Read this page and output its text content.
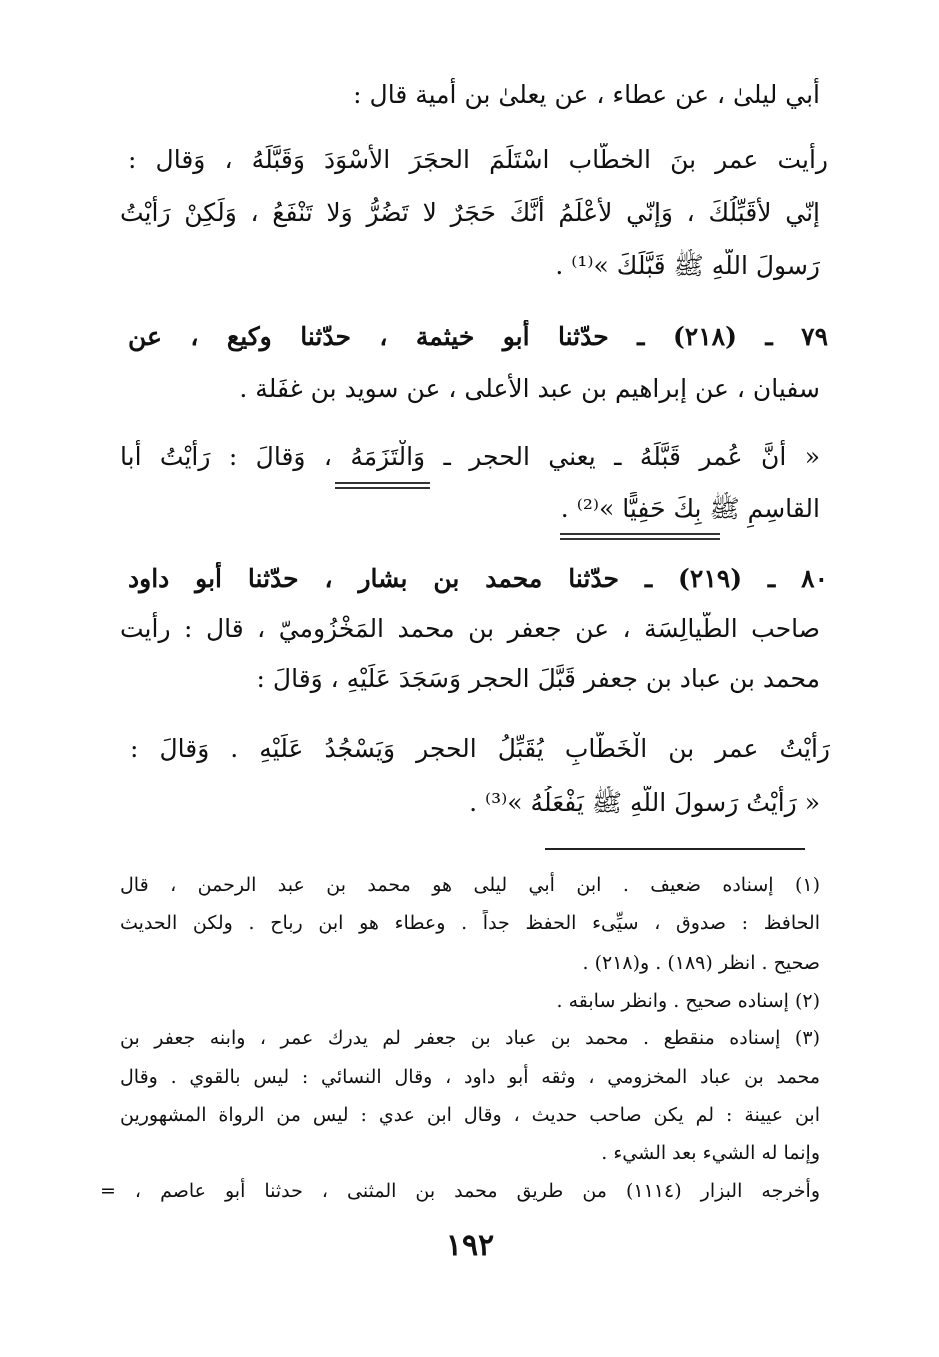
أبي ليلىٰ ، عن عطاء ، عن يعلىٰ بن أمية قال :
رأيت عمر بنَ الخطَّاب اسْتَلَمَ الحجَرَ الأَسْوَدَ وَقَبَّلَهُ ، وَقال :
إنّي لأُقَبِّلُكَ ، وَإنّي لأَعْلَمُ أَنَّكَ حَجَرٌ لا تَضُرُّ وَلا تَنْفَعُ ، وَلَكِنْ رَأَيْتُ
رَسولَ اللَّهِ ﷺ قَبَّلَكَ »⁽¹⁾ .
٧٩ ـ (٢١٨) ـ حدّثنا أبو خيثمة ، حدّثنا وكيع ، عن
سفيان ، عن إبراهيم بن عبد الأعلى ، عن سويد بن غفَلة .
« أَنَّ عُمر قَبَّلَهُ ـ يعني الحجر ـ وَالْتَزَمَهُ ، وَقالَ : رَأَيْتُ أَبا
القاسِمِ ﷺ بِكَ حَفِيًّا »⁽²⁾ .
٨٠ ـ (٢١٩) ـ حدّثنا محمد بن بشار ، حدّثنا أبو داود
صاحب الطَّيالِسَة ، عن جعفر بن محمد المَخْزُوميّ ، قال : رأيت
محمد بن عباد بن جعفر قَبَّلَ الحجر وَسَجَدَ عَلَيْهِ ، وَقالَ :
رَأَيْتُ عمر بن الْخَطَّابِ يُقَبِّلُ الحجر وَيَسْجُدُ عَلَيْهِ . وَقالَ :
« رَأَيْتُ رَسولَ اللَّهِ ﷺ يَفْعَلُهُ »⁽³⁾ .
(١) إسناده ضعيف . ابن أبي ليلى هو محمد بن عبد الرحمن ، قال
الحافظ : صدوق ، سيِّىء الحفظ جداً . وعطاء هو ابن رباح . ولكن الحديث
صحيح . انظر (١٨٩) . و(٢١٨) .
(٢) إسناده صحيح . وانظر سابقه .
(٣) إسناده منقطع . محمد بن عباد بن جعفر لم يدرك عمر ، وابنه جعفر بن
محمد بن عباد المخزومي ، وثقه أبو داود ، وقال النسائي : ليس بالقوي . وقال
ابن عيينة : لم يكن صاحب حديث ، وقال ابن عدي : ليس من الرواة المشهورين
وإنما له الشيء بعد الشيء .
وأخرجه البزار (١١١٤) من طريق محمد بن المثنى ، حدثنا أبو عاصم ، =
١٩٢
